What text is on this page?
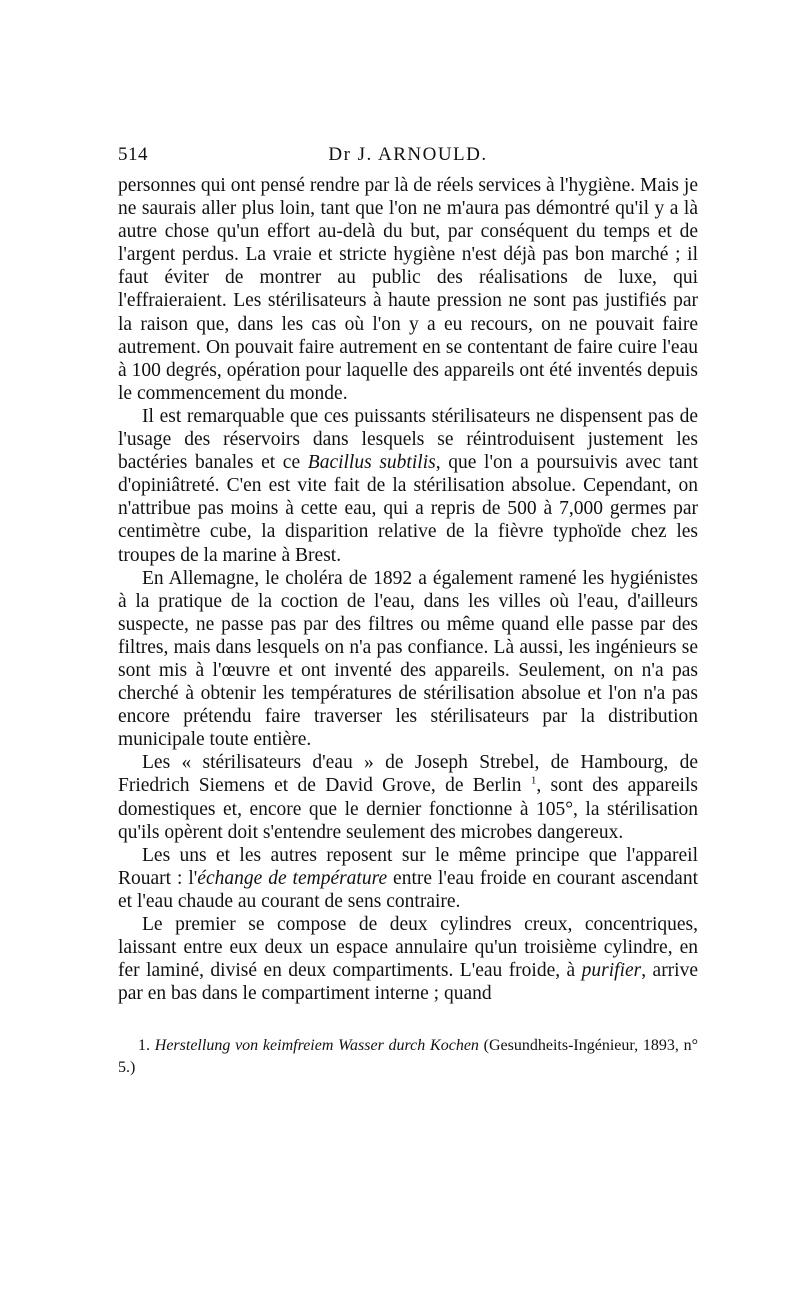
514	Dr J. ARNOULD.

personnes qui ont pensé rendre par là de réels services à l'hygiène. Mais je ne saurais aller plus loin, tant que l'on ne m'aura pas démontré qu'il y a là autre chose qu'un effort au-delà du but, par conséquent du temps et de l'argent perdus. La vraie et stricte hygiène n'est déjà pas bon marché ; il faut éviter de montrer au public des réalisations de luxe, qui l'effraieraient. Les stérilisateurs à haute pression ne sont pas justifiés par la raison que, dans les cas où l'on y a eu recours, on ne pouvait faire autrement. On pouvait faire autrement en se contentant de faire cuire l'eau à 100 degrés, opération pour laquelle des appareils ont été inventés depuis le commencement du monde.

Il est remarquable que ces puissants stérilisateurs ne dispensent pas de l'usage des réservoirs dans lesquels se réintroduisent justement les bactéries banales et ce Bacillus subtilis, que l'on a poursuivis avec tant d'opiniâtreté. C'en est vite fait de la stérilisation absolue. Cependant, on n'attribue pas moins à cette eau, qui a repris de 500 à 7,000 germes par centimètre cube, la disparition relative de la fièvre typhoïde chez les troupes de la marine à Brest.

En Allemagne, le choléra de 1892 a également ramené les hygiénistes à la pratique de la coction de l'eau, dans les villes où l'eau, d'ailleurs suspecte, ne passe pas par des filtres ou même quand elle passe par des filtres, mais dans lesquels on n'a pas confiance. Là aussi, les ingénieurs se sont mis à l'œuvre et ont inventé des appareils. Seulement, on n'a pas cherché à obtenir les températures de stérilisation absolue et l'on n'a pas encore prétendu faire traverser les stérilisateurs par la distribution municipale toute entière.

Les « stérilisateurs d'eau » de Joseph Strebel, de Hambourg, de Friedrich Siemens et de David Grove, de Berlin $^1$, sont des appareils domestiques et, encore que le dernier fonctionne à 105°, la stérilisation qu'ils opèrent doit s'entendre seulement des microbes dangereux.

Les uns et les autres reposent sur le même principe que l'appareil Rouart : l'échange de température entre l'eau froide en courant ascendant et l'eau chaude au courant de sens contraire.

Le premier se compose de deux cylindres creux, concentriques, laissant entre eux deux un espace annulaire qu'un troisième cylindre, en fer laminé, divisé en deux compartiments. L'eau froide, à purifier, arrive par en bas dans le compartiment interne ; quand

1. Herstellung von keimfreiem Wasser durch Kochen (Gesundheits-Ingénieur, 1893, n° 5.)
